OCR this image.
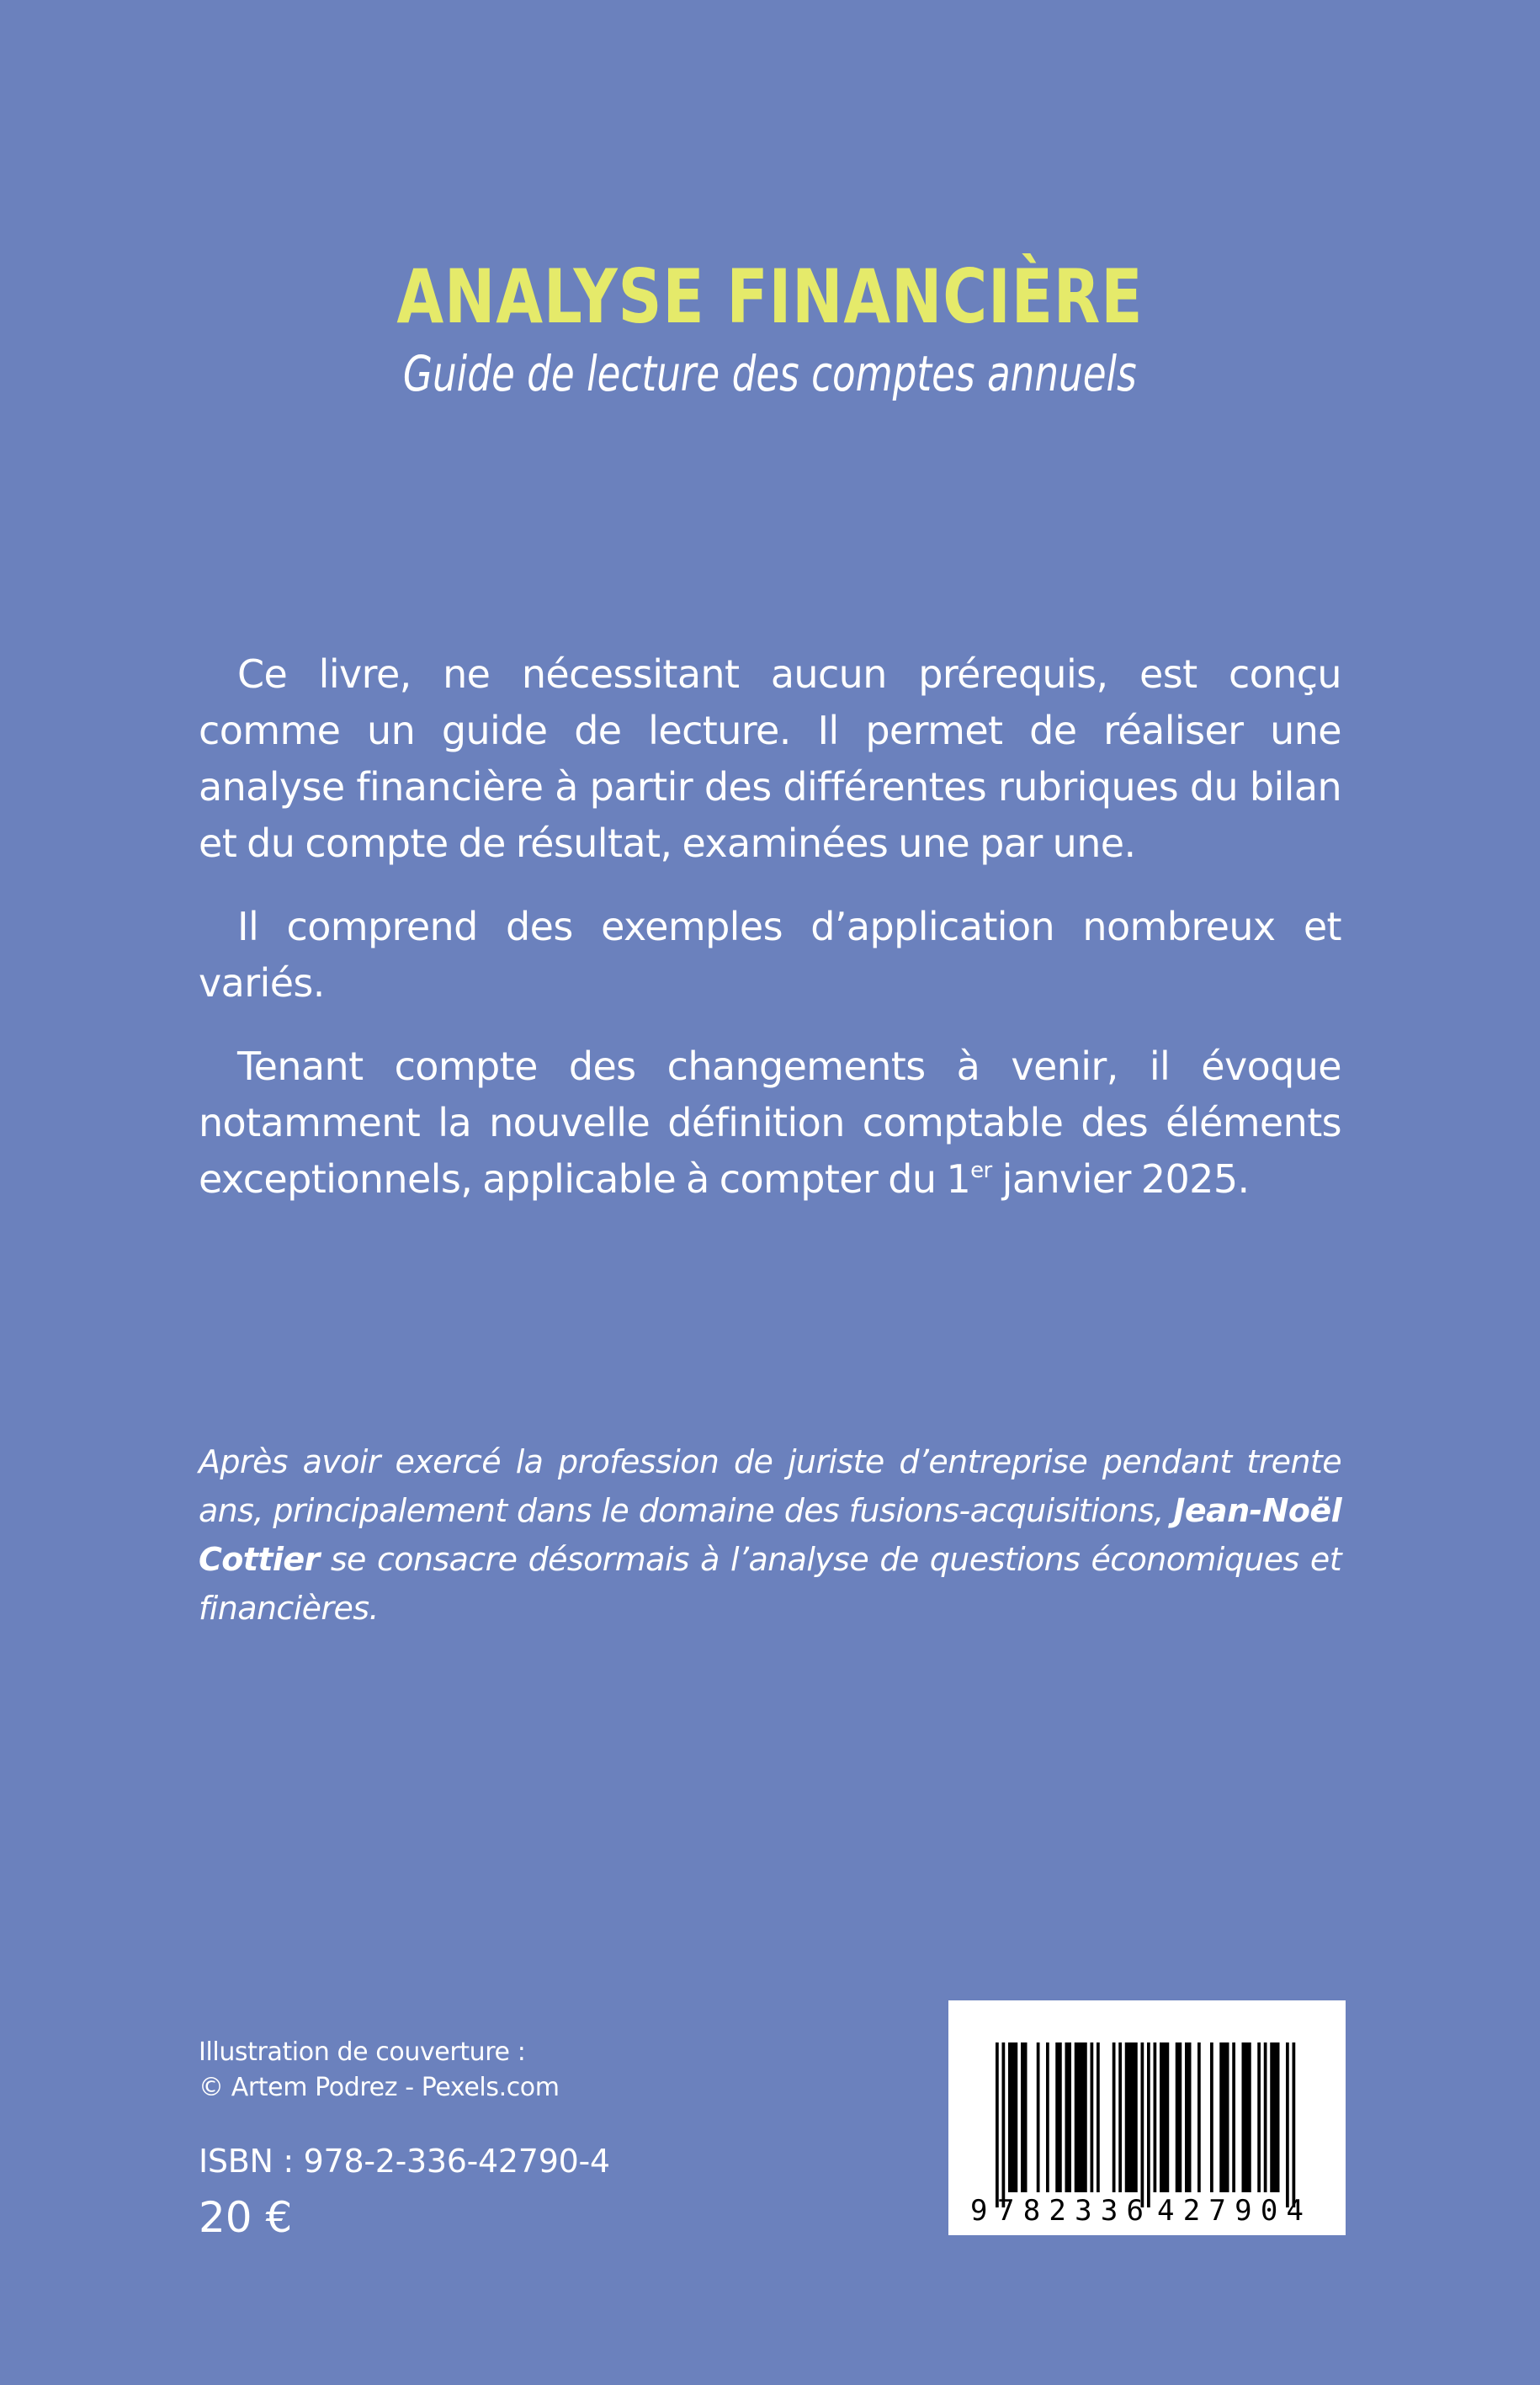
ANALYSE FINANCIÈRE
Guide de lecture des comptes annuels

Ce livre, ne nécessitant aucun prérequis, est conçu comme un guide de lecture. Il permet de réaliser une analyse financière à partir des différentes rubriques du bilan et du compte de résultat, examinées une par une.

Il comprend des exemples d’application nombreux et variés.

Tenant compte des changements à venir, il évoque notamment la nouvelle définition comptable des éléments exceptionnels, applicable à compter du 1er janvier 2025.

Après avoir exercé la profession de juriste d’entreprise pendant trente ans, principalement dans le domaine des fusions-acquisitions, Jean-Noël Cottier se consacre désormais à l’analyse de questions économiques et financières.
Illustration de couverture :
© Artem Podrez - Pexels.com
ISBN : 978-2-336-42790-4
20 €	9 782336 427904
